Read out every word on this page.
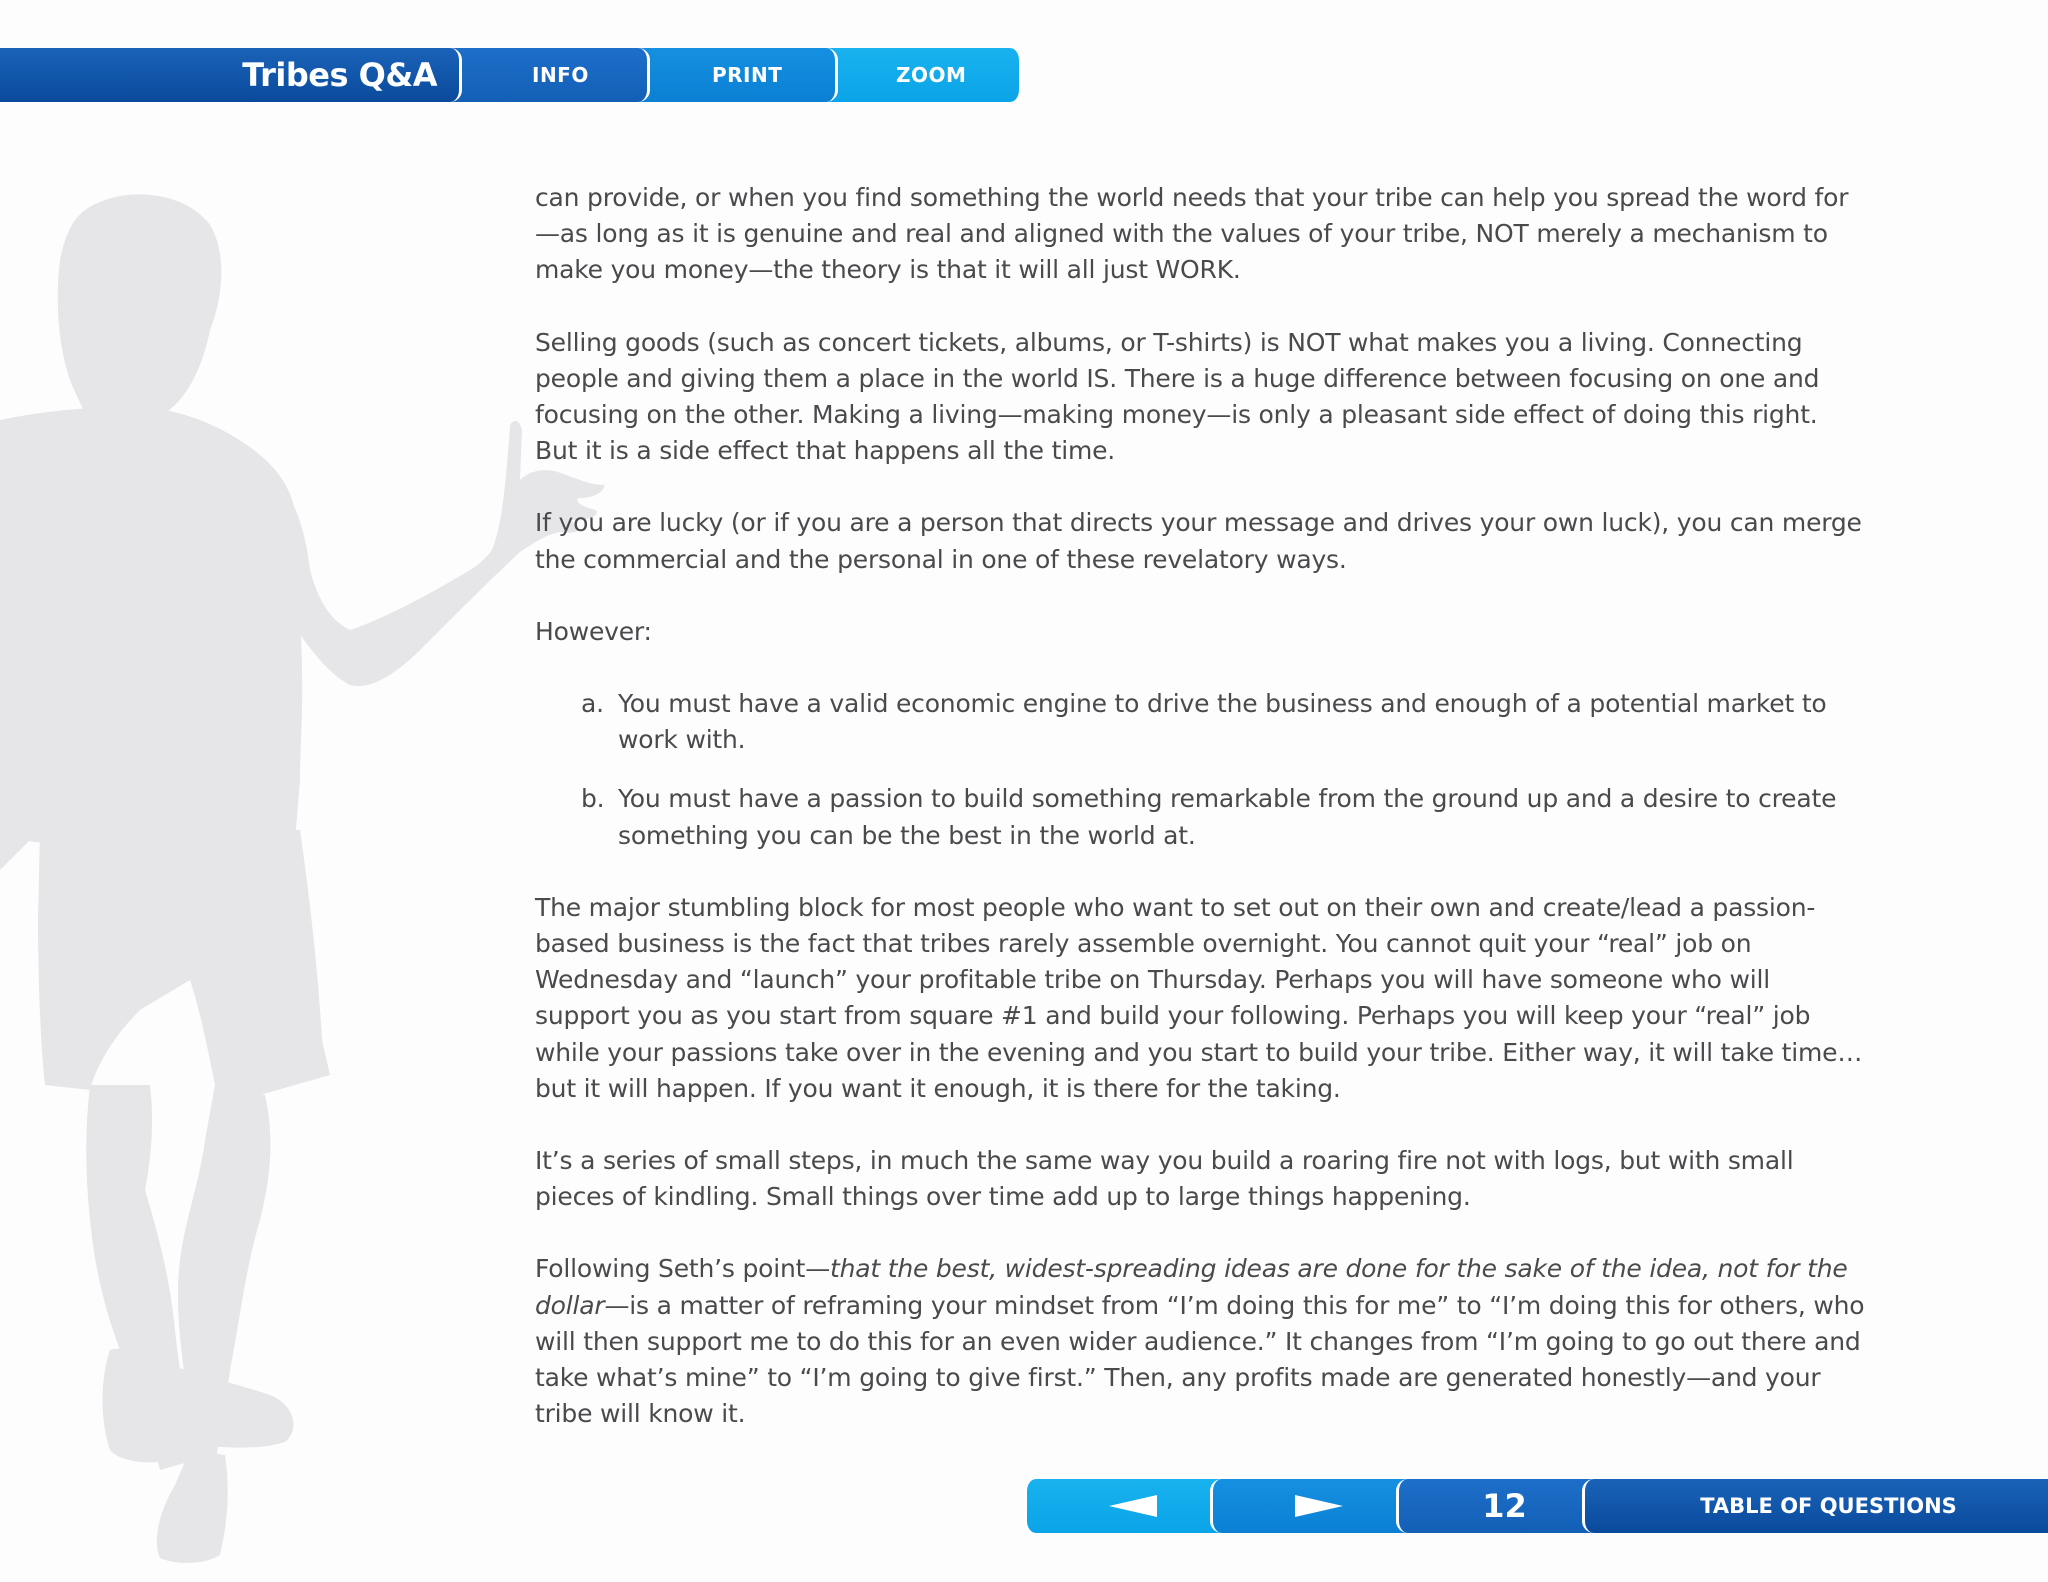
Tribes Q&A	INFO	PRINT	ZOOM

can provide, or when you find something the world needs that your tribe can help you spread the word for—as long as it is genuine and real and aligned with the values of your tribe, NOT merely a mechanism to make you money—the theory is that it will all just WORK.

Selling goods (such as concert tickets, albums, or T-shirts) is NOT what makes you a living. Connecting people and giving them a place in the world IS. There is a huge difference between focusing on one and focusing on the other. Making a living—making money—is only a pleasant side effect of doing this right. But it is a side effect that happens all the time.

If you are lucky (or if you are a person that directs your message and drives your own luck), you can merge the commercial and the personal in one of these revelatory ways.

However:

a. You must have a valid economic engine to drive the business and enough of a potential market to work with.
b. You must have a passion to build something remarkable from the ground up and a desire to create something you can be the best in the world at.

The major stumbling block for most people who want to set out on their own and create/lead a passion-based business is the fact that tribes rarely assemble overnight. You cannot quit your “real” job on Wednesday and “launch” your profitable tribe on Thursday. Perhaps you will have someone who will support you as you start from square #1 and build your following. Perhaps you will keep your “real” job while your passions take over in the evening and you start to build your tribe. Either way, it will take time…but it will happen. If you want it enough, it is there for the taking.

It’s a series of small steps, in much the same way you build a roaring fire not with logs, but with small pieces of kindling. Small things over time add up to large things happening.

Following Seth’s point—that the best, widest-spreading ideas are done for the sake of the idea, not for the dollar—is a matter of reframing your mindset from “I’m doing this for me” to “I’m doing this for others, who will then support me to do this for an even wider audience.” It changes from “I’m going to go out there and take what’s mine” to “I’m going to give first.” Then, any profits made are generated honestly—and your tribe will know it.

12	TABLE OF QUESTIONS
